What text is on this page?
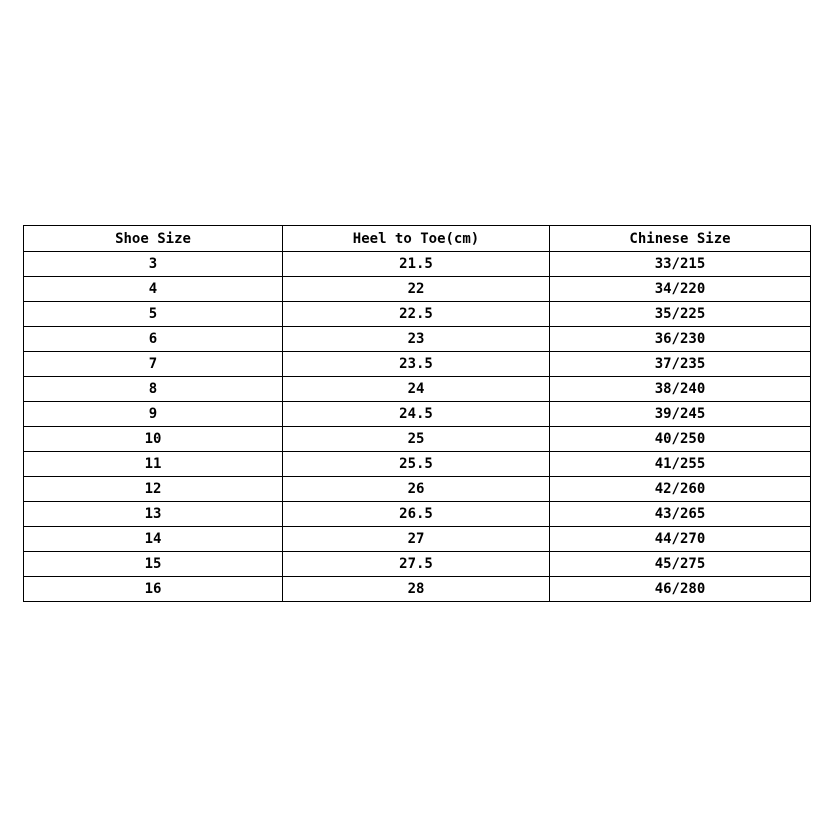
Shoe Size	Heel to Toe(cm)	Chinese Size
3	21.5	33/215
4	22	34/220
5	22.5	35/225
6	23	36/230
7	23.5	37/235
8	24	38/240
9	24.5	39/245
10	25	40/250
11	25.5	41/255
12	26	42/260
13	26.5	43/265
14	27	44/270
15	27.5	45/275
16	28	46/280
